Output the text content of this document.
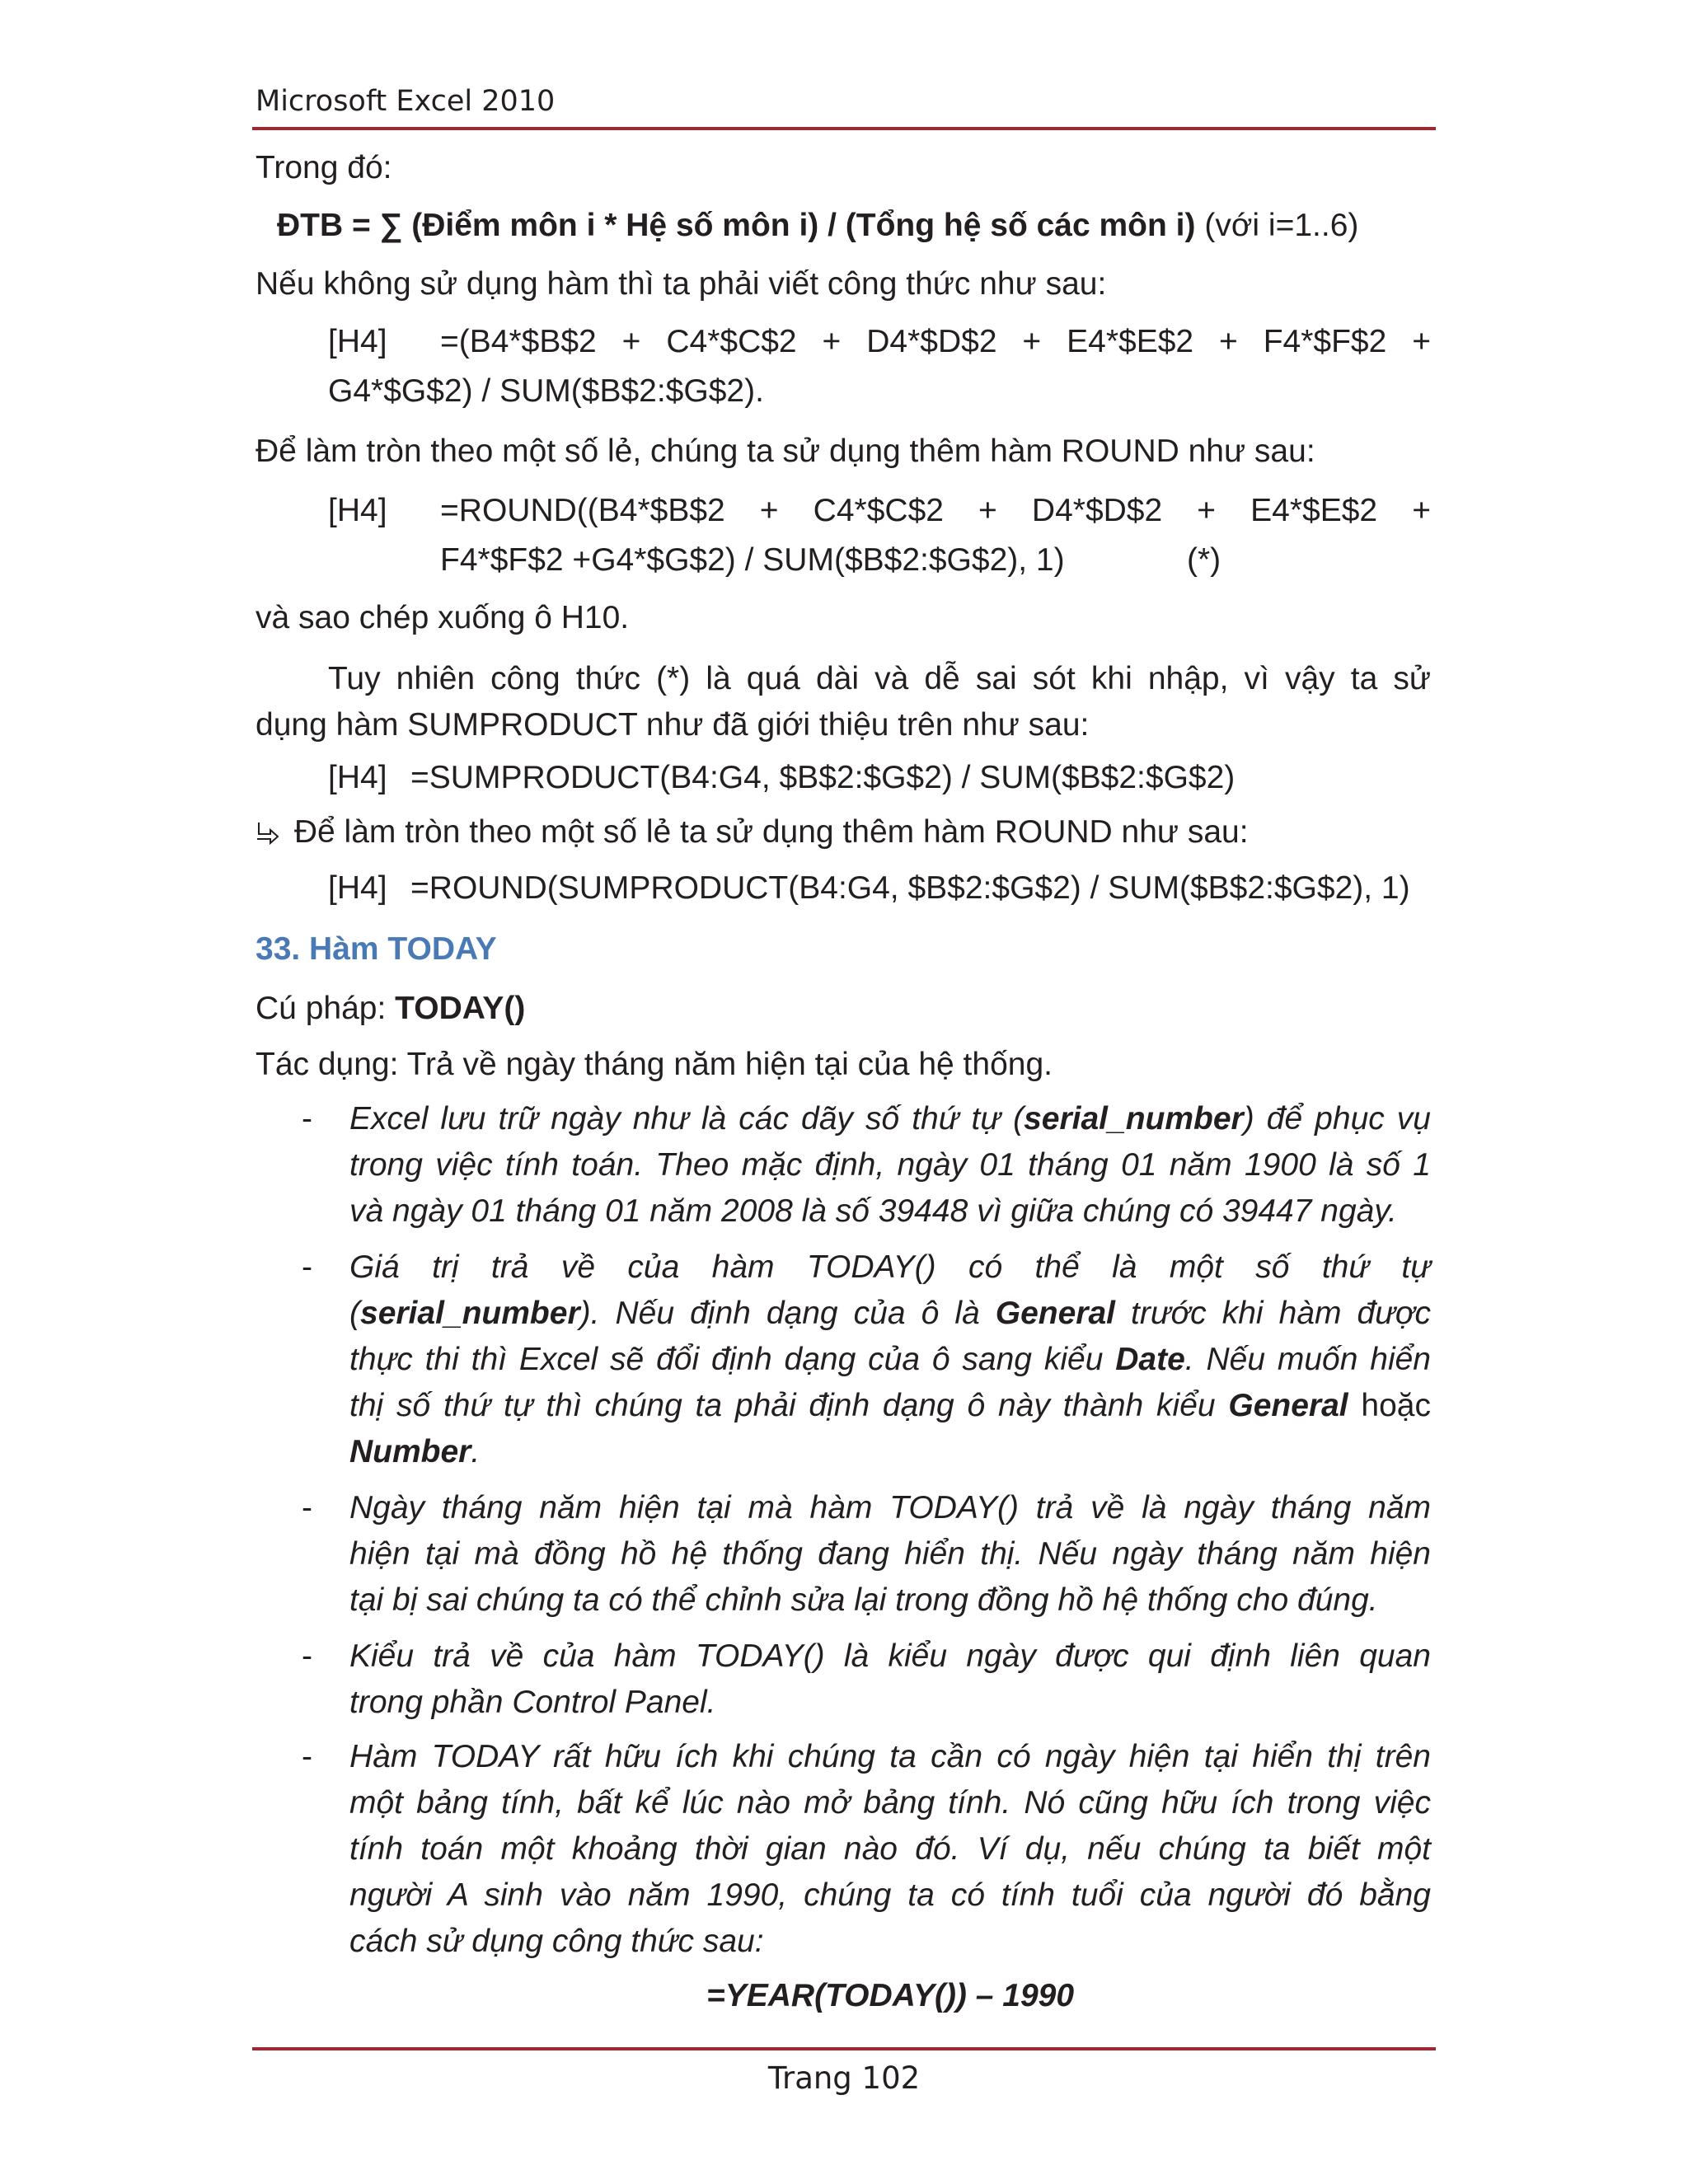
Microsoft Excel 2010
Trong đó:
ĐTB = ∑ (Điểm môn i * Hệ số môn i) / (Tổng hệ số các môn i) (với i=1..6)
Nếu không sử dụng hàm thì ta phải viết công thức như sau:
[H4] =(B4*$B$2 + C4*$C$2 + D4*$D$2 + E4*$E$2 + F4*$F$2 +
G4*$G$2) / SUM($B$2:$G$2).
Để làm tròn theo một số lẻ, chúng ta sử dụng thêm hàm ROUND như sau:
[H4] =ROUND((B4*$B$2 + C4*$C$2 + D4*$D$2 + E4*$E$2 +
F4*$F$2 +G4*$G$2) / SUM($B$2:$G$2), 1)	(*)
và sao chép xuống ô H10.
Tuy nhiên công thức (*) là quá dài và dễ sai sót khi nhập, vì vậy ta sử
dụng hàm SUMPRODUCT như đã giới thiệu trên như sau:
[H4] =SUMPRODUCT(B4:G4, $B$2:$G$2) / SUM($B$2:$G$2)
Để làm tròn theo một số lẻ ta sử dụng thêm hàm ROUND như sau:
[H4] =ROUND(SUMPRODUCT(B4:G4, $B$2:$G$2) / SUM($B$2:$G$2), 1)
33. Hàm TODAY
Cú pháp: TODAY()
Tác dụng: Trả về ngày tháng năm hiện tại của hệ thống.
- Excel lưu trữ ngày như là các dãy số thứ tự (serial_number) để phục vụ
trong việc tính toán. Theo mặc định, ngày 01 tháng 01 năm 1900 là số 1
và ngày 01 tháng 01 năm 2008 là số 39448 vì giữa chúng có 39447 ngày.
- Giá trị trả về của hàm TODAY() có thể là một số thứ tự
(serial_number). Nếu định dạng của ô là General trước khi hàm được
thực thi thì Excel sẽ đổi định dạng của ô sang kiểu Date. Nếu muốn hiển
thị số thứ tự thì chúng ta phải định dạng ô này thành kiểu General hoặc
Number.
- Ngày tháng năm hiện tại mà hàm TODAY() trả về là ngày tháng năm
hiện tại mà đồng hồ hệ thống đang hiển thị. Nếu ngày tháng năm hiện
tại bị sai chúng ta có thể chỉnh sửa lại trong đồng hồ hệ thống cho đúng.
- Kiểu trả về của hàm TODAY() là kiểu ngày được qui định liên quan
trong phần Control Panel.
- Hàm TODAY rất hữu ích khi chúng ta cần có ngày hiện tại hiển thị trên
một bảng tính, bất kể lúc nào mở bảng tính. Nó cũng hữu ích trong việc
tính toán một khoảng thời gian nào đó. Ví dụ, nếu chúng ta biết một
người A sinh vào năm 1990, chúng ta có tính tuổi của người đó bằng
cách sử dụng công thức sau:
=YEAR(TODAY()) – 1990
Trang 102
